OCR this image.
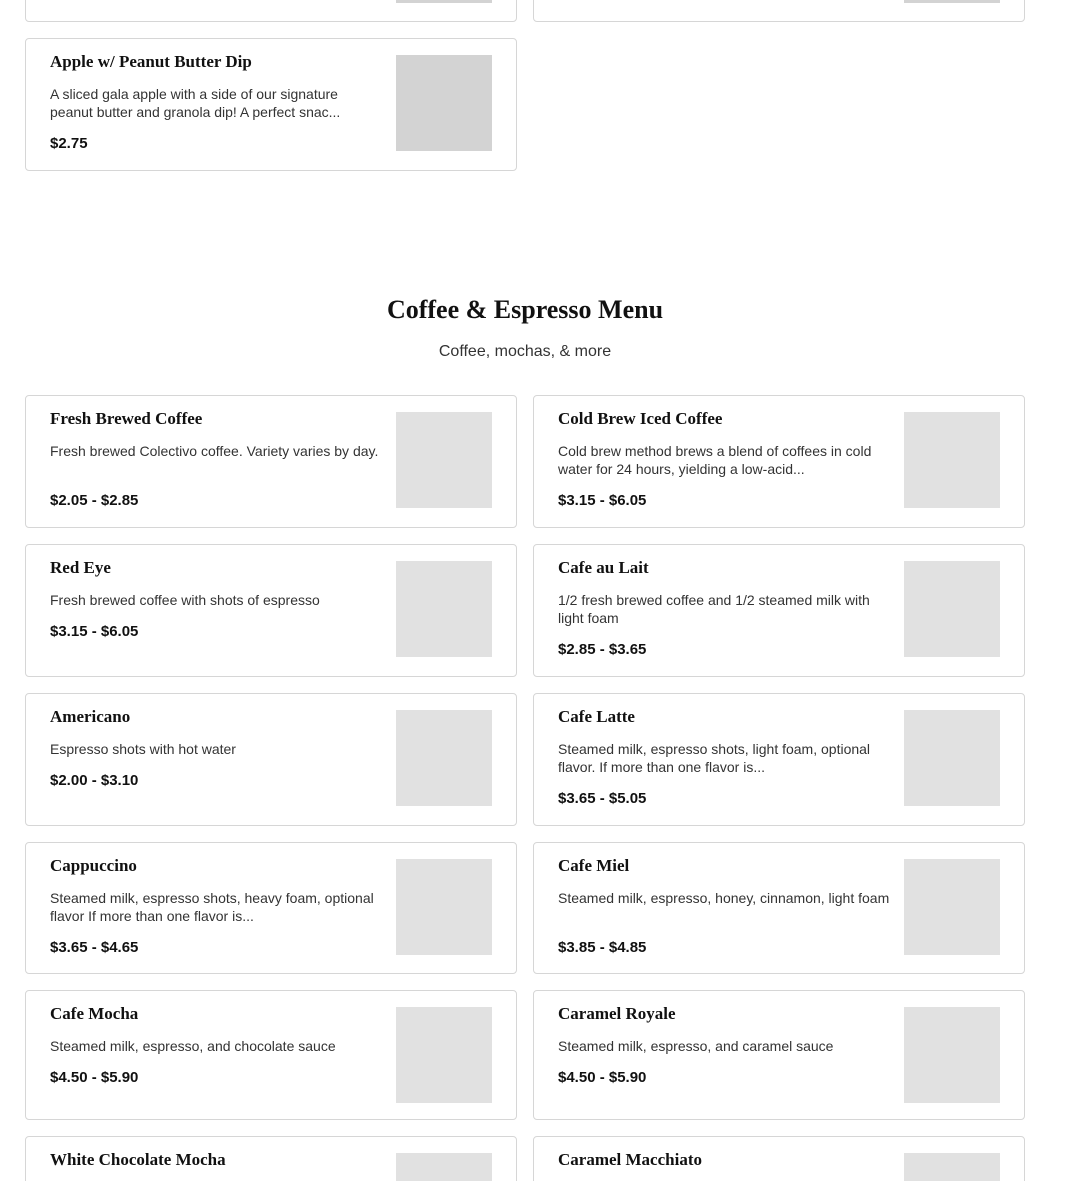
Apple w/ Peanut Butter Dip
A sliced gala apple with a side of our signature peanut butter and granola dip! A perfect snac...
$2.75
Coffee & Espresso Menu

Coffee, mochas, & more

Fresh Brewed Coffee
Fresh brewed Colectivo coffee. Variety varies by day.
$2.05 - $2.85
Cold Brew Iced Coffee
Cold brew method brews a blend of coffees in cold water for 24 hours, yielding a low-acid...
$3.15 - $6.05
Red Eye
Fresh brewed coffee with shots of espresso
$3.15 - $6.05
Cafe au Lait
1/2 fresh brewed coffee and 1/2 steamed milk with light foam
$2.85 - $3.65
Americano
Espresso shots with hot water
$2.00 - $3.10
Cafe Latte
Steamed milk, espresso shots, light foam, optional flavor. If more than one flavor is...
$3.65 - $5.05
Cappuccino
Steamed milk, espresso shots, heavy foam, optional flavor If more than one flavor is...
$3.65 - $4.65
Cafe Miel
Steamed milk, espresso, honey, cinnamon, light foam
$3.85 - $4.85
Cafe Mocha
Steamed milk, espresso, and chocolate sauce
$4.50 - $5.90
Caramel Royale
Steamed milk, espresso, and caramel sauce
$4.50 - $5.90
White Chocolate Mocha	Caramel Macchiato
